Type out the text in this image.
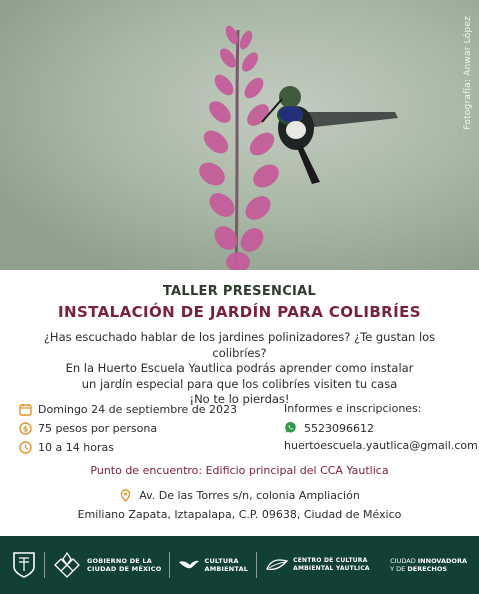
Fotografía: Anwar López
TALLER PRESENCIAL
INSTALACIÓN DE JARDÍN PARA COLIBRÍES
¿Has escuchado hablar de los jardines polinizadores? ¿Te gustan los colibríes?
En la Huerto Escuela Yautlica podrás aprender como instalar
un jardín especial para que los colibríes visiten tu casa
¡No te lo pierdas!
Domingo 24 de septiembre de 2023
$ 75 pesos por persona
10 a 14 horas
Informes e inscripciones:
5523096612
huertoescuela.yautlica@gmail.com
Punto de encuentro: Edificio principal del CCA Yautlica
Av. De las Torres s/n, colonia Ampliación
Emiliano Zapata, Iztapalapa, C.P. 09638, Ciudad de México
GOBIERNO DE LA
CIUDAD DE MÉXICO
CULTURA
AMBIENTAL
CENTRO DE CULTURA
AMBIENTAL YAUTLICA
CIUDAD INNOVADORA
Y DE DERECHOS
